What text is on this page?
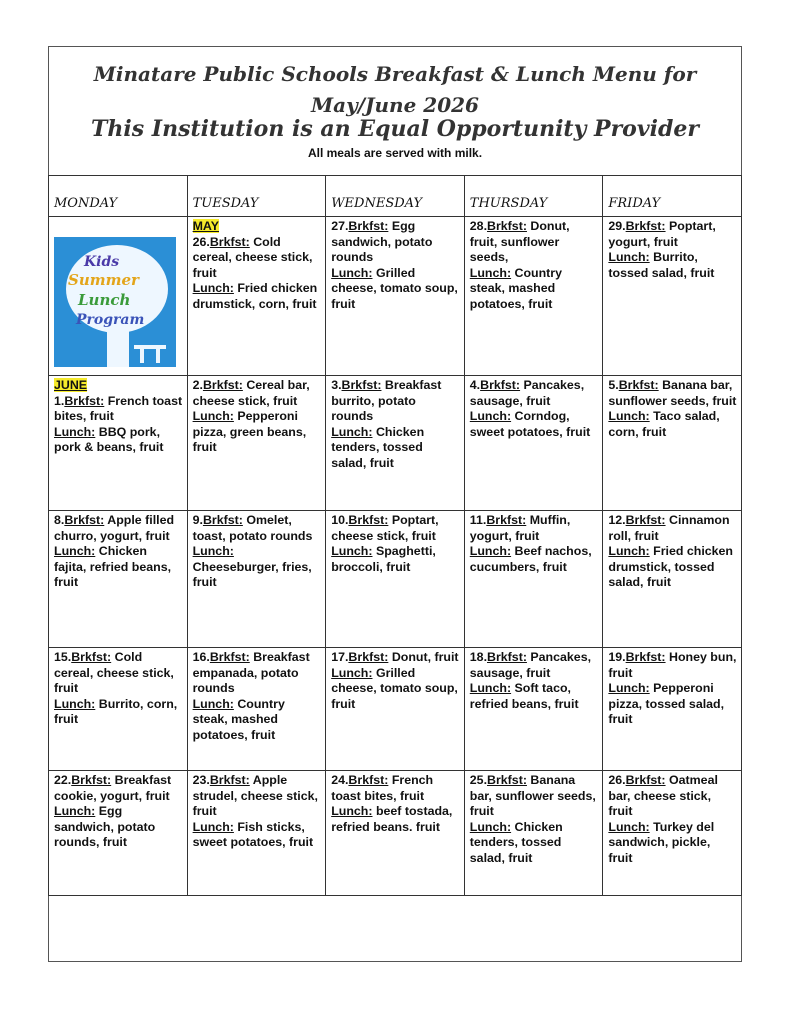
Minatare Public Schools Breakfast & Lunch Menu for
May/June 2026
This Institution is an Equal Opportunity Provider
All meals are served with milk.
MONDAY	TUESDAY	WEDNESDAY	THURSDAY	FRIDAY

Kids
Summer
Lunch
Program	MAY
26.Brkfst: Cold cereal, cheese stick, fruit
Lunch: Fried chicken drumstick, corn, fruit	27.Brkfst: Egg sandwich, potato rounds
Lunch: Grilled cheese, tomato soup, fruit	28.Brkfst: Donut, fruit, sunflower seeds,
Lunch: Country steak, mashed potatoes, fruit	29.Brkfst: Poptart, yogurt, fruit
Lunch: Burrito, tossed salad, fruit
JUNE
1.Brkfst: French toast bites, fruit
Lunch: BBQ pork, pork & beans, fruit	2.Brkfst: Cereal bar, cheese stick, fruit
Lunch: Pepperoni pizza, green beans, fruit	3.Brkfst: Breakfast burrito, potato rounds
Lunch: Chicken tenders, tossed salad, fruit	4.Brkfst: Pancakes, sausage, fruit
Lunch: Corndog, sweet potatoes, fruit	5.Brkfst: Banana bar, sunflower seeds, fruit
Lunch: Taco salad, corn, fruit
8.Brkfst: Apple filled churro, yogurt, fruit
Lunch: Chicken fajita, refried beans, fruit	9.Brkfst: Omelet, toast, potato rounds
Lunch: Cheeseburger, fries, fruit	10.Brkfst: Poptart, cheese stick, fruit
Lunch: Spaghetti, broccoli, fruit	11.Brkfst: Muffin, yogurt, fruit
Lunch: Beef nachos, cucumbers, fruit	12.Brkfst: Cinnamon roll, fruit
Lunch: Fried chicken drumstick, tossed salad, fruit
15.Brkfst: Cold cereal, cheese stick, fruit
Lunch: Burrito, corn, fruit	16.Brkfst: Breakfast empanada, potato rounds
Lunch: Country steak, mashed potatoes, fruit	17.Brkfst: Donut, fruit
Lunch: Grilled cheese, tomato soup, fruit	18.Brkfst: Pancakes, sausage, fruit
Lunch: Soft taco, refried beans, fruit	19.Brkfst: Honey bun, fruit
Lunch: Pepperoni pizza, tossed salad, fruit
22.Brkfst: Breakfast cookie, yogurt, fruit
Lunch: Egg sandwich, potato rounds, fruit	23.Brkfst: Apple strudel, cheese stick, fruit
Lunch: Fish sticks, sweet potatoes, fruit	24.Brkfst: French toast bites, fruit
Lunch: beef tostada, refried beans. fruit	25.Brkfst: Banana bar, sunflower seeds, fruit
Lunch: Chicken tenders, tossed salad, fruit	26.Brkfst: Oatmeal bar, cheese stick, fruit
Lunch: Turkey del sandwich, pickle, fruit
